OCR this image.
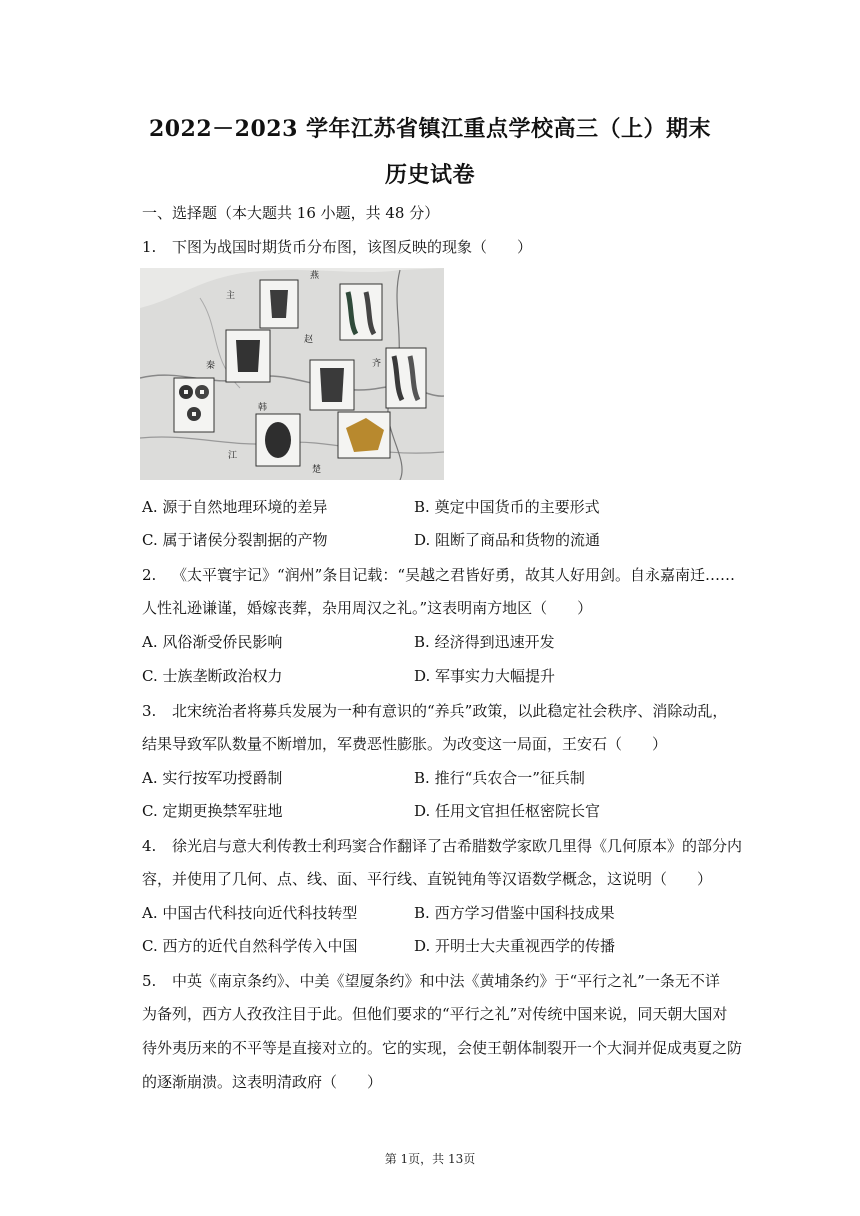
2022－2023 学年江苏省镇江重点学校高三（上）期末
历史试卷
一、选择题（本大题共 16 小题，共 48 分）
1. 下图为战国时期货币分布图，该图反映的现象（　　）
燕
赵
秦	齐
韩
楚
江
主
A. 源于自然地理环境的差异	B. 奠定中国货币的主要形式
C. 属于诸侯分裂割据的产物	D. 阻断了商品和货物的流通
2. 《太平寰宇记》“润州”条目记载：“吴越之君皆好勇，故其人好用剑。自永嘉南迁……
人性礼逊谦谨，婚嫁丧葬，杂用周汉之礼。”这表明南方地区（　　）
A. 风俗渐受侨民影响	B. 经济得到迅速开发
C. 士族垄断政治权力	D. 军事实力大幅提升
3. 北宋统治者将募兵发展为一种有意识的“养兵”政策，以此稳定社会秩序、消除动乱，
结果导致军队数量不断增加，军费恶性膨胀。为改变这一局面，王安石（　　）
A. 实行按军功授爵制	B. 推行“兵农合一”征兵制
C. 定期更换禁军驻地	D. 任用文官担任枢密院长官
4. 徐光启与意大利传教士利玛窦合作翻译了古希腊数学家欧几里得《几何原本》的部分内
容，并使用了几何、点、线、面、平行线、直锐钝角等汉语数学概念，这说明（　　）
A. 中国古代科技向近代科技转型	B. 西方学习借鉴中国科技成果
C. 西方的近代自然科学传入中国	D. 开明士大夫重视西学的传播
5. 中英《南京条约》、中美《望厦条约》和中法《黄埔条约》于“平行之礼”一条无不详
为备列，西方人孜孜注目于此。但他们要求的“平行之礼”对传统中国来说，同天朝大国对
待外夷历来的不平等是直接对立的。它的实现，会使王朝体制裂开一个大洞并促成夷夏之防
的逐渐崩溃。这表明清政府（　　）
第 1页，共 13页
